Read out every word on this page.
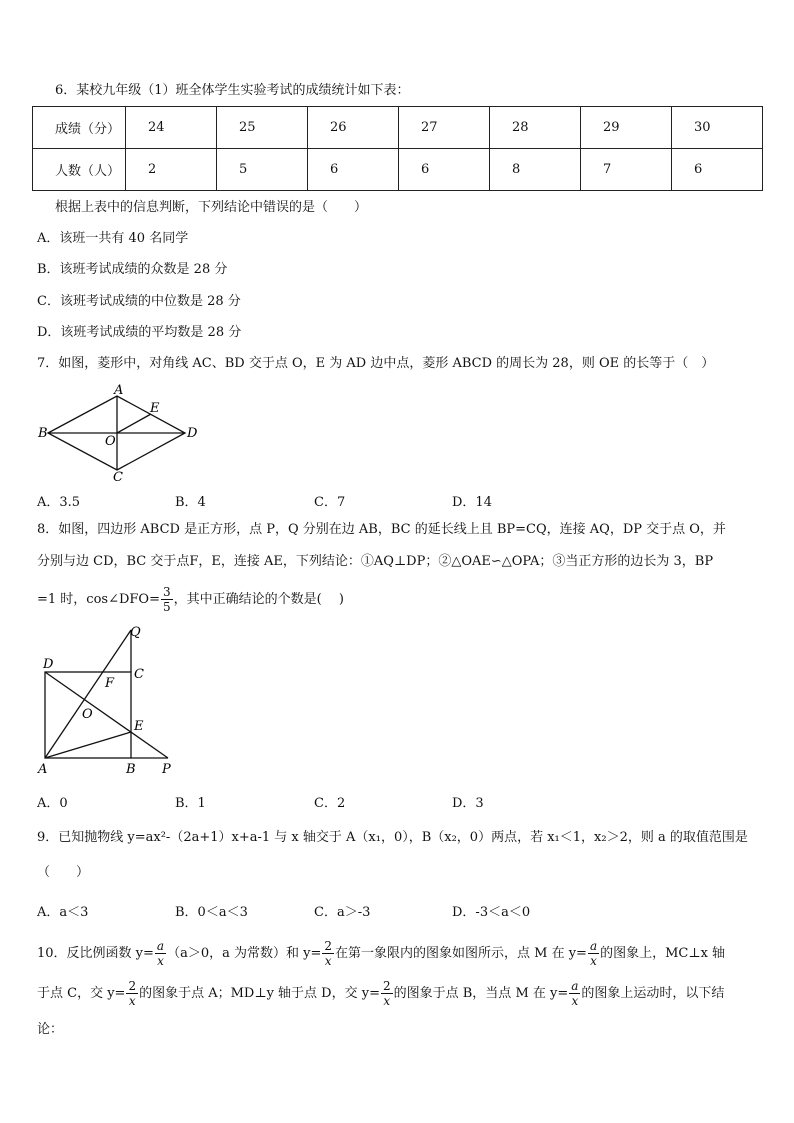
6．某校九年级（1）班全体学生实验考试的成绩统计如下表：
成绩（分）	24	25	26	27	28	29	30
人数（人）	2	5	6	6	8	7	6
根据上表中的信息判断，下列结论中错误的是（　　）
A．该班一共有 40 名同学
B．该班考试成绩的众数是 28 分
C．该班考试成绩的中位数是 28 分
D．该班考试成绩的平均数是 28 分
7．如图，菱形中，对角线 AC、BD 交于点 O，E 为 AD 边中点，菱形 ABCD 的周长为 28，则 OE 的长等于（　）
A
B
C
D
E
O
A．3.5	B．4	C．7	D．14
8．如图，四边形 ABCD 是正方形，点 P，Q 分别在边 AB，BC 的延长线上且 BP=CQ，连接 AQ，DP 交于点 O，并
分别与边 CD，BC 交于点F，E，连接 AE，下列结论：①AQ⊥DP；②△OAE∽△OPA；③当正方形的边长为 3，BP
=1 时，cos∠DFO= $\frac{3}{5}$ ，其中正确结论的个数是(　 )
Q
D
C
F
O
E
A	B P
A．0	B．1	C．2	D．3
9．已知抛物线 y=ax²-（2a+1）x+a-1 与 x 轴交于 A（x₁，0），B（x₂，0）两点，若 x₁＜1，x₂＞2，则 a 的取值范围是
（　　）
A．a＜3	B．0＜a＜3	C．a＞-3	D．-3＜a＜0
10．反比例函数 $y= \frac{a}{x} (a>0$，a 为常数）和 $y= \frac{2}{x}$ 在第一象限内的图象如图所示，点 M 在 $y= \frac{a}{x}$ 的图象上，MC⊥x 轴
于点 C，交 $y= \frac{2}{x}$ 的图象于点 A；MD⊥y 轴于点 D，交 $y= \frac{2}{x}$ 的图象于点 B，当点 M 在 $y= \frac{a}{x}$ 的图象上运动时，以下结
论：
